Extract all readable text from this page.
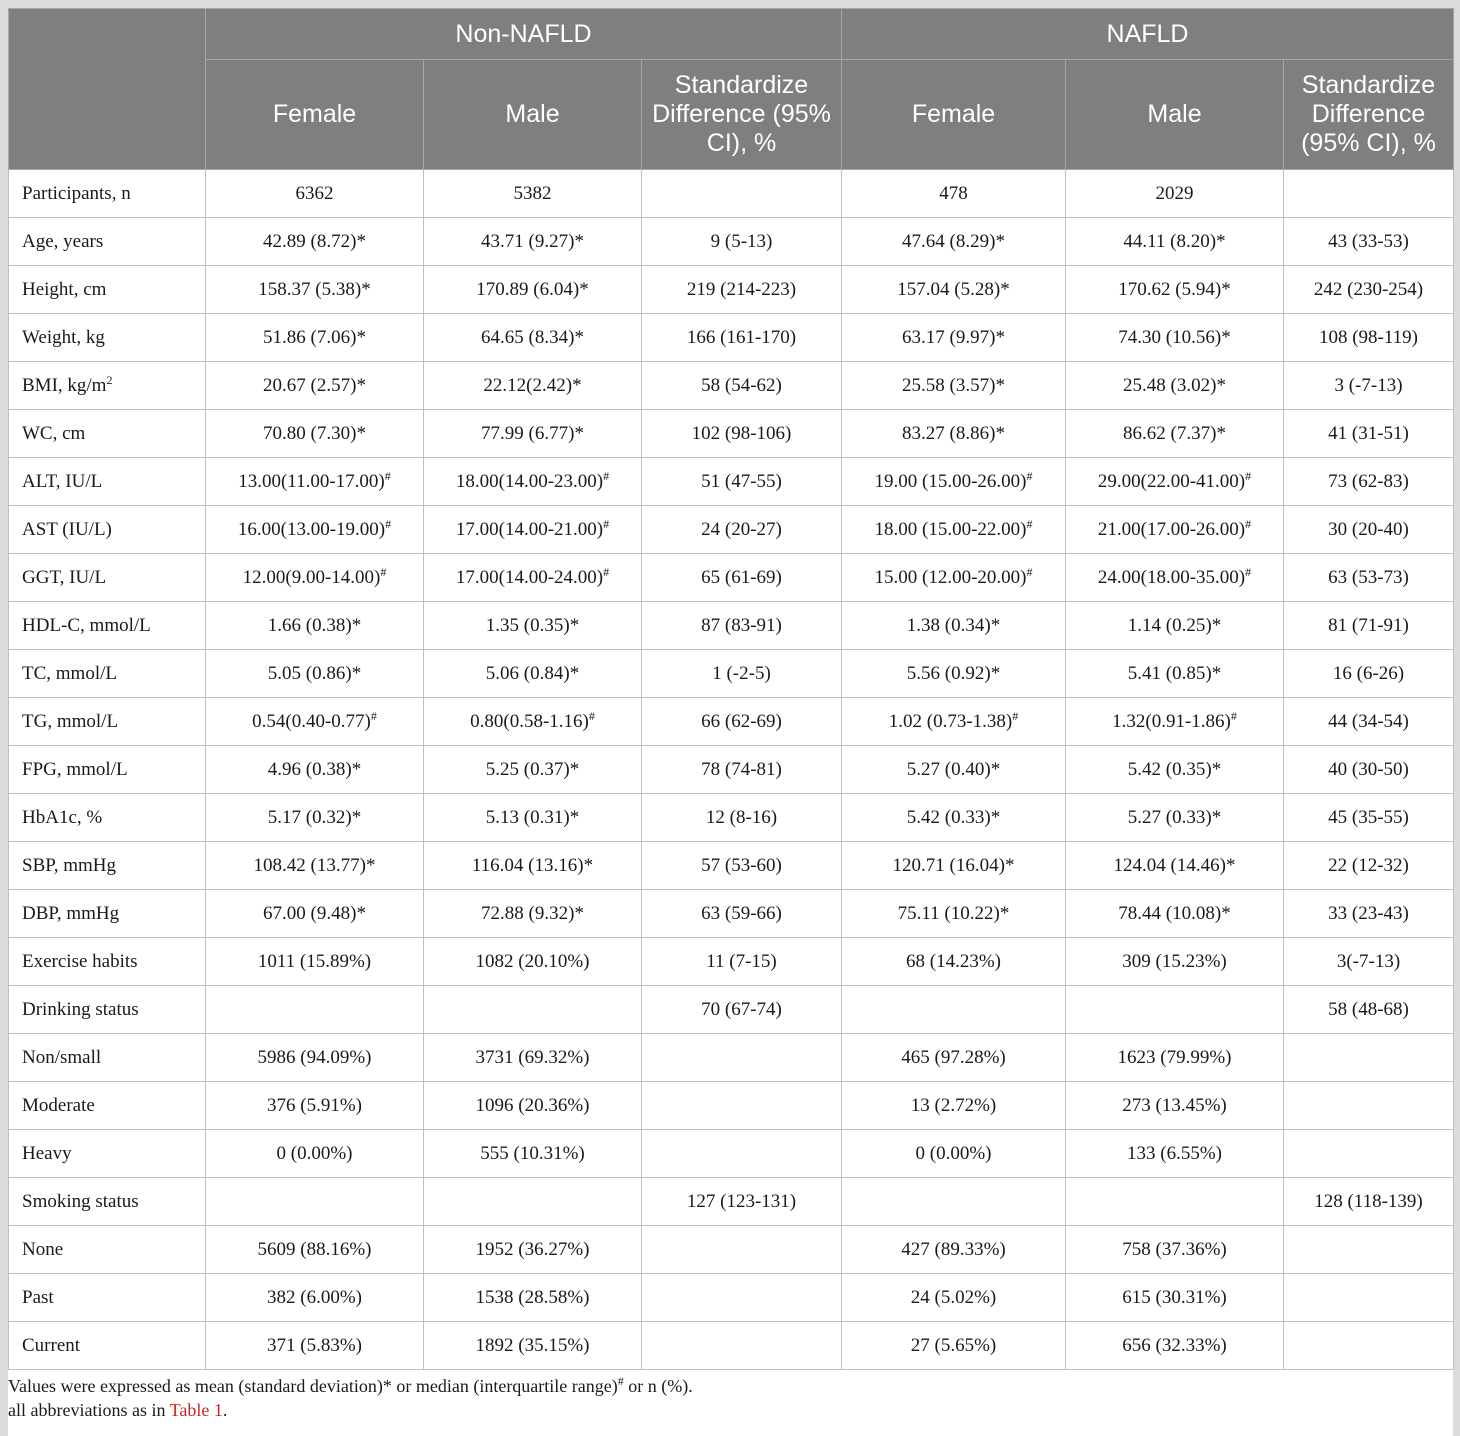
	Non-NAFLD			NAFLD		
	Female	Male	Standardize Difference (95% CI), %	Female	Male	Standardize Difference (95% CI), %
Participants, n	6362	5382		478	2029	
Age, years	42.89 (8.72)*	43.71 (9.27)*	9 (5-13)	47.64 (8.29)*	44.11 (8.20)*	43 (33-53)
Height, cm	158.37 (5.38)*	170.89 (6.04)*	219 (214-223)	157.04 (5.28)*	170.62 (5.94)*	242 (230-254)
Weight, kg	51.86 (7.06)*	64.65 (8.34)*	166 (161-170)	63.17 (9.97)*	74.30 (10.56)*	108 (98-119)
BMI, $kg/m^2$	20.67 (2.57)*	22.12(2.42)*	58 (54-62)	25.58 (3.57)*	25.48 (3.02)*	3 (-7-13)
WC, cm	70.80 (7.30)*	77.99 (6.77)*	102 (98-106)	83.27 (8.86)*	86.62 (7.37)*	41 (31-51)
ALT, IU/L	13.00(11.00-17.00)#	18.00(14.00-23.00)#	51 (47-55)	19.00 (15.00-26.00)#	29.00(22.00-41.00)#	73 (62-83)
AST (IU/L)	16.00(13.00-19.00)#	17.00(14.00-21.00)#	24 (20-27)	18.00 (15.00-22.00)#	21.00(17.00-26.00)#	30 (20-40)
GGT, IU/L	12.00(9.00-14.00)#	17.00(14.00-24.00)#	65 (61-69)	15.00 (12.00-20.00)#	24.00(18.00-35.00)#	63 (53-73)
HDL-C, mmol/L	1.66 (0.38)*	1.35 (0.35)*	87 (83-91)	1.38 (0.34)*	1.14 (0.25)*	81 (71-91)
TC, mmol/L	5.05 (0.86)*	5.06 (0.84)*	1 (-2-5)	5.56 (0.92)*	5.41 (0.85)*	16 (6-26)
TG, mmol/L	0.54(0.40-0.77)#	0.80(0.58-1.16)#	66 (62-69)	1.02 (0.73-1.38)#	1.32(0.91-1.86)#	44 (34-54)
FPG, mmol/L	4.96 (0.38)*	5.25 (0.37)*	78 (74-81)	5.27 (0.40)*	5.42 (0.35)*	40 (30-50)
HbA1c, %	5.17 (0.32)*	5.13 (0.31)*	12 (8-16)	5.42 (0.33)*	5.27 (0.33)*	45 (35-55)
SBP, mmHg	108.42 (13.77)*	116.04 (13.16)*	57 (53-60)	120.71 (16.04)*	124.04 (14.46)*	22 (12-32)
DBP, mmHg	67.00 (9.48)*	72.88 (9.32)*	63 (59-66)	75.11 (10.22)*	78.44 (10.08)*	33 (23-43)
Exercise habits	1011 (15.89%)	1082 (20.10%)	11 (7-15)	68 (14.23%)	309 (15.23%)	3(-7-13)
Drinking status			70 (67-74)			58 (48-68)
Non/small	5986 (94.09%)	3731 (69.32%)		465 (97.28%)	1623 (79.99%)	
Moderate	376 (5.91%)	1096 (20.36%)		13 (2.72%)	273 (13.45%)	
Heavy	0 (0.00%)	555 (10.31%)		0 (0.00%)	133 (6.55%)	
Smoking status			127 (123-131)			128 (118-139)
None	5609 (88.16%)	1952 (36.27%)		427 (89.33%)	758 (37.36%)	
Past	382 (6.00%)	1538 (28.58%)		24 (5.02%)	615 (30.31%)	
Current	371 (5.83%)	1892 (35.15%)		27 (5.65%)	656 (32.33%)	
Values were expressed as mean (standard deviation)* or median (interquartile range)# or n (%).
all abbreviations as in Table 1.
